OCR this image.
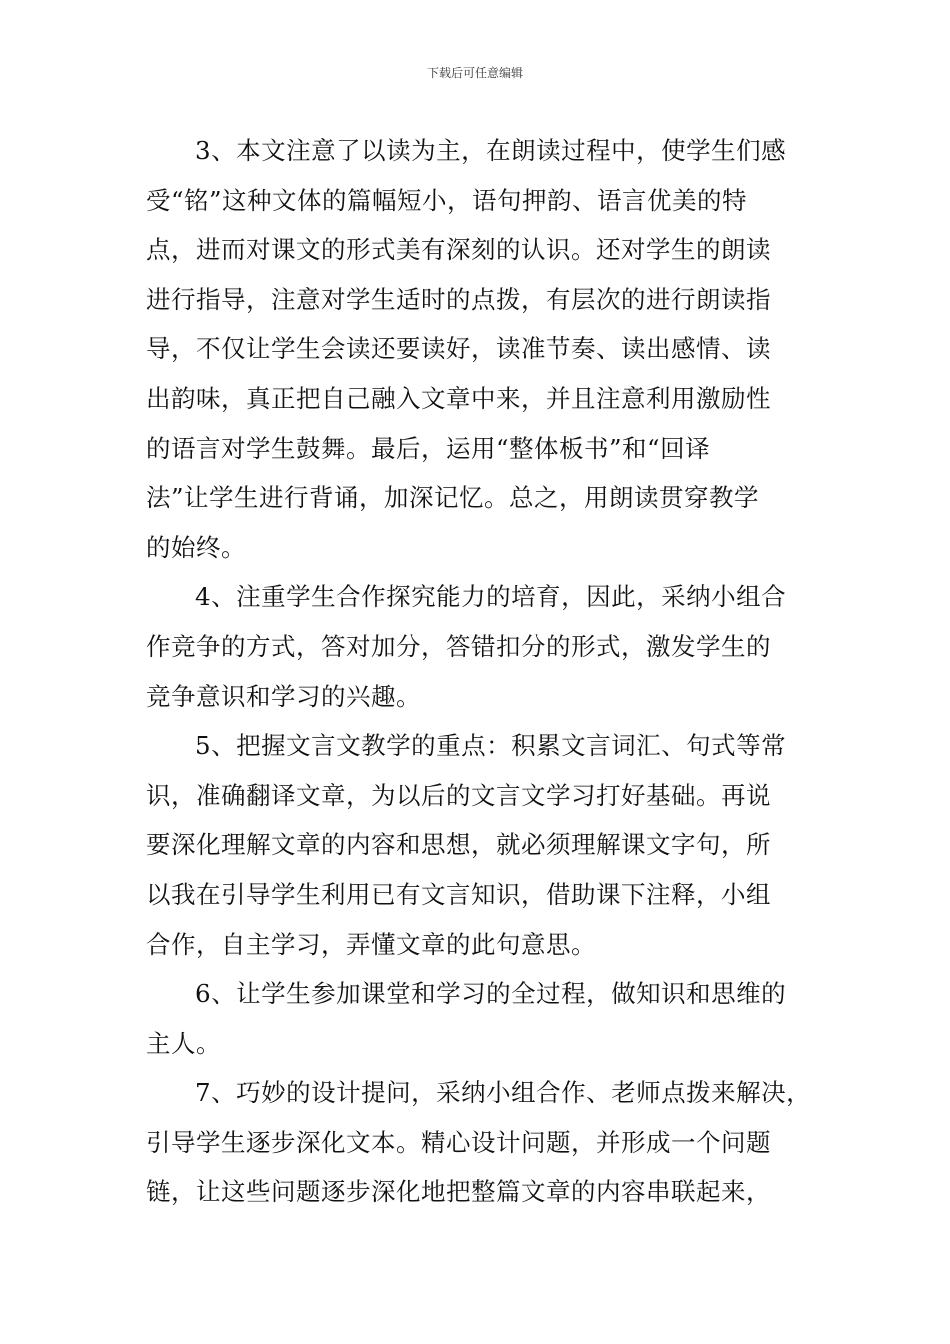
下载后可任意编辑
3、本文注意了以读为主，在朗读过程中，使学生们感
受“铭”这种文体的篇幅短小，语句押韵、语言优美的特
点，进而对课文的形式美有深刻的认识。还对学生的朗读
进行指导，注意对学生适时的点拨，有层次的进行朗读指
导，不仅让学生会读还要读好，读准节奏、读出感情、读
出韵味，真正把自己融入文章中来，并且注意利用激励性
的语言对学生鼓舞。最后，运用“整体板书”和“回译
法”让学生进行背诵，加深记忆。总之，用朗读贯穿教学
的始终。
4、注重学生合作探究能力的培育，因此，采纳小组合
作竞争的方式，答对加分，答错扣分的形式，激发学生的
竞争意识和学习的兴趣。
5、把握文言文教学的重点：积累文言词汇、句式等常
识，准确翻译文章，为以后的文言文学习打好基础。再说
要深化理解文章的内容和思想，就必须理解课文字句，所
以我在引导学生利用已有文言知识，借助课下注释，小组
合作，自主学习，弄懂文章的此句意思。
6、让学生参加课堂和学习的全过程，做知识和思维的
主人。
7、巧妙的设计提问，采纳小组合作、老师点拨来解决，
引导学生逐步深化文本。精心设计问题，并形成一个问题
链，让这些问题逐步深化地把整篇文章的内容串联起来，
